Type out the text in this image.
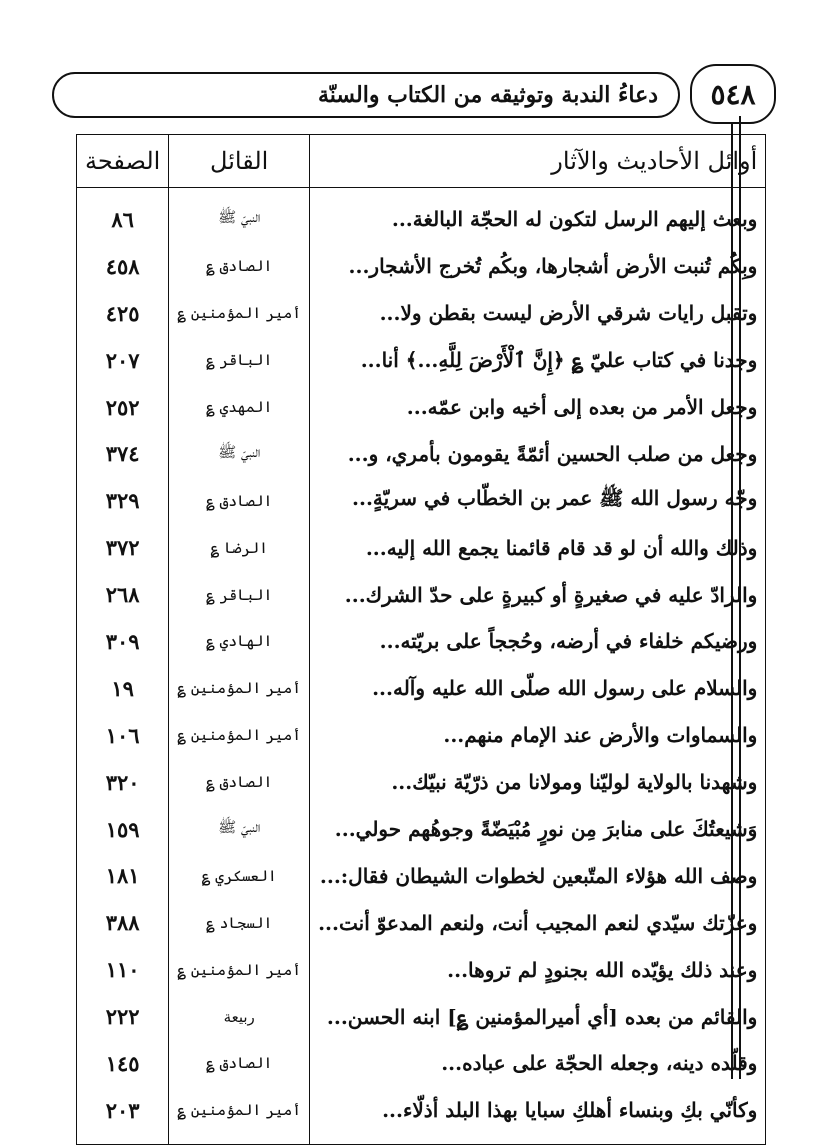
٥٤٨
دعاءُ الندبة وتوثيقه من الكتاب والسنّة
أوائل الأحاديث والآثار	القائل	الصفحة
وبعث إليهم الرسل لتكون له الحجّة البالغة...	النبيّ ﷺ	٨٦
وبِكُم تُنبت الأرض أشجارها، وبكُم تُخرج الأشجار...	الصادق ؏	٤٥٨
وتقبل رايات شرقي الأرض ليست بقطن ولا...	أمير المؤمنين ؏	٤٢٥
وجدنا في كتاب عليّ ؏ ﴿إِنَّ ٱلْأَرْضَ لِلَّهِ...﴾ أنا...	الباقر ؏	٢٠٧
وجعل الأمر من بعده إلى أخيه وابن عمّه...	المهدي ؏	٢٥٢
وجعل من صلب الحسين أئمّةً يقومون بأمري، و...	النبيّ ﷺ	٣٧٤
وجّه رسول الله ﷺ عمر بن الخطّاب في سريّةٍ...	الصادق ؏	٣٢٩
وذلك والله أن لو قد قام قائمنا يجمع الله إليه...	الرضا ؏	٣٧٢
والرادّ عليه في صغيرةٍ أو كبيرةٍ على حدّ الشرك...	الباقر ؏	٢٦٨
ورضيكم خلفاء في أرضه، وحُججاً على بريّته...	الهادي ؏	٣٠٩
والسلام على رسول الله صلّى الله عليه وآله...	أمير المؤمنين ؏	١٩
والسماوات والأرض عند الإمام منهم...	أمير المؤمنين ؏	١٠٦
وشهدنا بالولاية لوليّنا ومولانا من ذرّيّة نبيّك...	الصادق ؏	٣٢٠
وَشيعتُكَ على منابرَ مِن نورٍ مُبْيَضّةً وجوهُهم حولي...	النبيّ ﷺ	١٥٩
وصف الله هؤلاء المتّبعين لخطوات الشيطان فقال:...	العسكري ؏	١٨١
وعزّتك سيّدي لنعم المجيب أنت، ولنعم المدعوّ أنت...	السجاد ؏	٣٨٨
وعند ذلك يؤيّده الله بجنودٍ لم تروها...	أمير المؤمنين ؏	١١٠
والقائم من بعده [أي أميرالمؤمنين ؏] ابنه الحسن...	ربيعة	٢٢٢
وقلّده دينه، وجعله الحجّة على عباده...	الصادق ؏	١٤٥
وكأنّي بكِ وبنساء أهلكِ سبايا بهذا البلد أذلّاء...	أمير المؤمنين ؏	٢٠٣
